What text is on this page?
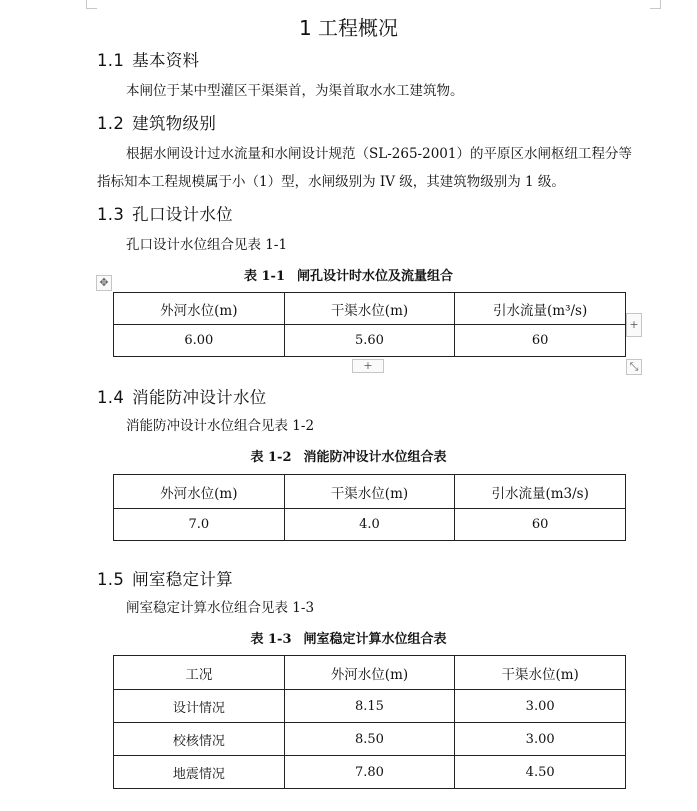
1 工程概况
1.1 基本资料
本闸位于某中型灌区干渠渠首，为渠首取水水工建筑物。
1.2 建筑物级别
根据水闸设计过水流量和水闸设计规范（SL-265-2001）的平原区水闸枢纽工程分等指标知本工程规模属于小（1）型，水闸级别为 IV 级，其建筑物级别为 1 级。
1.3 孔口设计水位
孔口设计水位组合见表 1-1
表 1-1 闸孔设计时水位及流量组合
✥
外河水位(m)	干渠水位(m)	引水流量(m³/s)
6.00	5.60	60
+
+	⤡
1.4 消能防冲设计水位
消能防冲设计水位组合见表 1-2
表 1-2 消能防冲设计水位组合表
外河水位(m)	干渠水位(m)	引水流量(m3/s)
7.0	4.0	60
1.5 闸室稳定计算
闸室稳定计算水位组合见表 1-3
表 1-3 闸室稳定计算水位组合表
工况	外河水位(m)	干渠水位(m)
设计情况	8.15	3.00
校核情况	8.50	3.00
地震情况	7.80	4.50
